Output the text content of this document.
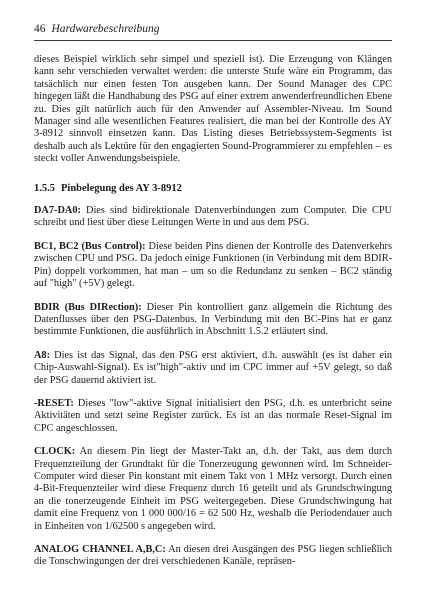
46 Hardwarebeschreibung

dieses Beispiel wirklich sehr simpel und speziell ist). Die Erzeugung von Klängen kann sehr verschieden verwaltet werden: die unterste Stufe wäre ein Programm, das tatsächlich nur einen festen Ton ausgeben kann. Der Sound Manager des CPC hingegen läßt die Handhabung des PSG auf einer extrem anwenderfreundlichen Ebene zu. Dies gilt natürlich auch für den Anwender auf Assembler-Niveau. Im Sound Manager sind alle wesentlichen Features realisiert, die man bei der Kontrolle des AY 3-8912 sinnvoll einsetzen kann. Das Listing dieses Betriebssystem-Segments ist deshalb auch als Lektüre für den engagierten Sound-Programmierer zu empfehlen – es steckt voller Anwendungsbeispiele.

1.5.5 Pinbelegung des AY 3-8912

DA7-DA0: Dies sind bidirektionale Datenverbindungen zum Computer. Die CPU schreibt und liest über diese Leitungen Werte in und aus dem PSG.

BC1, BC2 (Bus Control): Diese beiden Pins dienen der Kontrolle des Datenverkehrs zwischen CPU und PSG. Da jedoch einige Funktionen (in Verbindung mit dem BDIR-Pin) doppelt vorkommen, hat man – um so die Redundanz zu senken – BC2 ständig auf "high" (+5V) gelegt.

BDIR (Bus DIRection): Dieser Pin kontrolliert ganz allgemein die Richtung des Datenflusses über den PSG-Datenbus. In Verbindung mit den BC-Pins hat er ganz bestimmte Funktionen, die ausführlich in Abschnitt 1.5.2 erläutert sind.

A8: Dies ist das Signal, das den PSG erst aktiviert, d.h. auswählt (es ist daher ein Chip-Auswahl-Signal). Es ist"high"-aktiv und im CPC immer auf +5V gelegt, so daß der PSG dauernd aktiviert ist.

-RESET: Dieses "low"-aktive Signal initialisiert den PSG, d.h. es unterbricht seine Aktivitäten und setzt seine Register zurück. Es ist an das normale Reset-Signal im CPC angeschlossen.

CLOCK: An diesem Pin liegt der Master-Takt an, d.h. der Takt, aus dem durch Frequenzteilung der Grundtakt für die Tonerzeugung gewonnen wird. Im Schneider-Computer wird dieser Pin konstant mit einem Takt von 1 MHz versorgt. Durch einen 4-Bit-Frequenzteiler wird diese Frequenz durch 16 geteilt und als Grundschwingung an die tonerzeugende Einheit im PSG weitergegeben. Diese Grundschwingung hat damit eine Frequenz von 1 000 000/16 = 62 500 Hz, weshalb die Periodendauer auch in Einheiten von 1/62500 s angegeben wird.

ANALOG CHANNEL A,B,C: An diesen drei Ausgängen des PSG liegen schließlich die Tonschwingungen der drei verschiedenen Kanäle, repräsen-
